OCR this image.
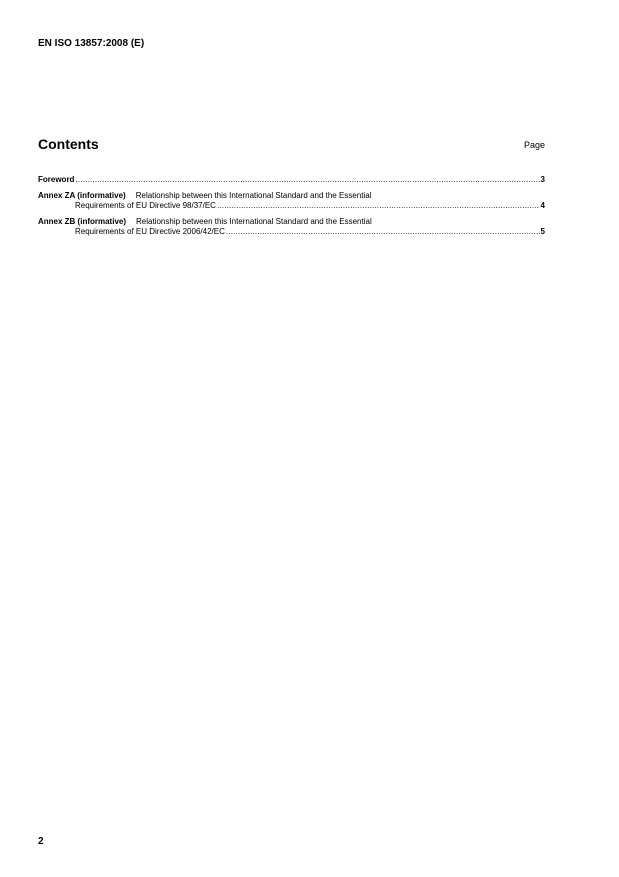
EN ISO 13857:2008 (E)
Contents	Page
Foreword .....	3
Annex ZA (informative) Relationship between this International Standard and the Essential
Requirements of EU Directive 98/37/EC .....	4
Annex ZB (informative) Relationship between this International Standard and the Essential
Requirements of EU Directive 2006/42/EC .....	5
2
